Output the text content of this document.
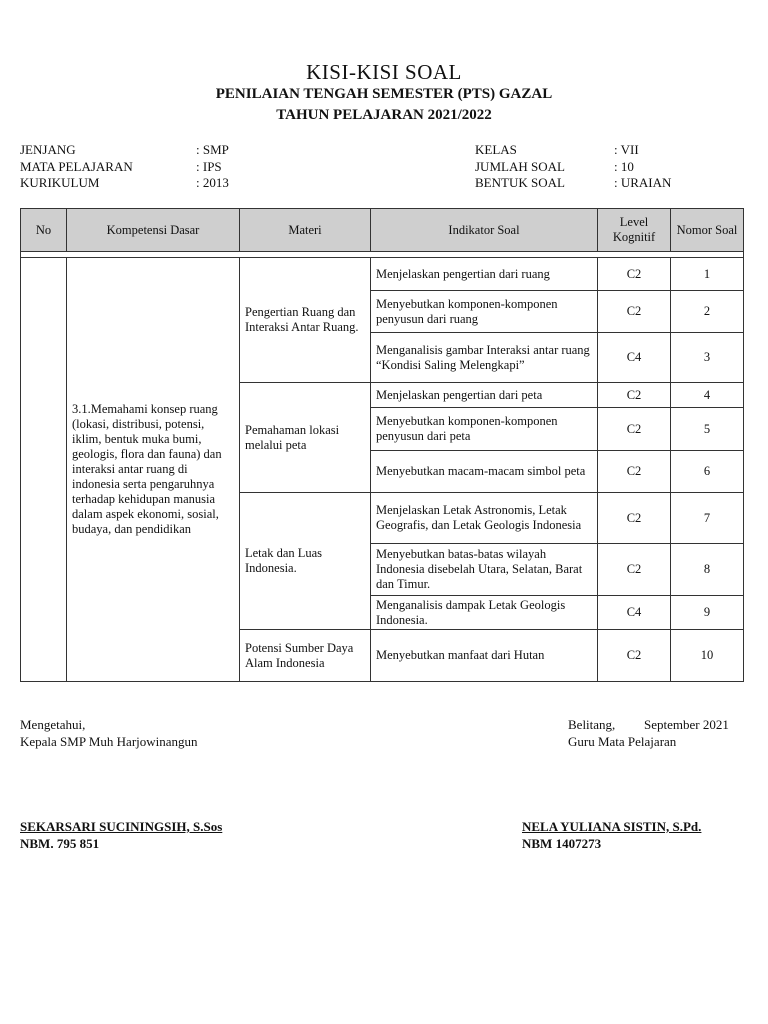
KISI-KISI SOAL
PENILAIAN TENGAH SEMESTER (PTS) GAZAL
TAHUN PELAJARAN 2021/2022
JENJANG	: SMP
MATA PELAJARAN	: IPS
KURIKULUM	: 2013
KELAS	: VII
JUMLAH SOAL	: 10
BENTUK SOAL	: URAIAN
No	Kompetensi Dasar	Materi	Indikator Soal	Level Kognitif	Nomor Soal

	3.1.Memahami konsep ruang (lokasi, distribusi, potensi, iklim, bentuk muka bumi, geologis, flora dan fauna) dan interaksi antar ruang di indonesia serta pengaruhnya terhadap kehidupan manusia dalam aspek ekonomi, sosial, budaya, dan pendidikan	Pengertian Ruang dan Interaksi Antar Ruang.	Menjelaskan pengertian dari ruang	C2	1
			Menyebutkan komponen-komponen penyusun dari ruang	C2	2
			Menganalisis gambar Interaksi antar ruang “Kondisi Saling Melengkapi”	C4	3
		Pemahaman lokasi melalui peta	Menjelaskan pengertian dari peta	C2	4
			Menyebutkan komponen-komponen penyusun dari peta	C2	5
			Menyebutkan macam-macam simbol peta	C2	6
		Letak dan Luas Indonesia.	Menjelaskan Letak Astronomis, Letak Geografis, dan Letak Geologis Indonesia	C2	7
			Menyebutkan batas-batas wilayah Indonesia disebelah Utara, Selatan, Barat dan Timur.	C2	8
			Menganalisis dampak Letak Geologis Indonesia.	C4	9
		Potensi Sumber Daya Alam Indonesia	Menyebutkan manfaat dari Hutan	C2	10
Mengetahui,
Kepala SMP Muh Harjowinangun
Belitang,	September 2021
Guru Mata Pelajaran
SEKARSARI SUCININGSIH, S.Sos
NBM. 795 851
NELA YULIANA SISTIN, S.Pd.
NBM 1407273
